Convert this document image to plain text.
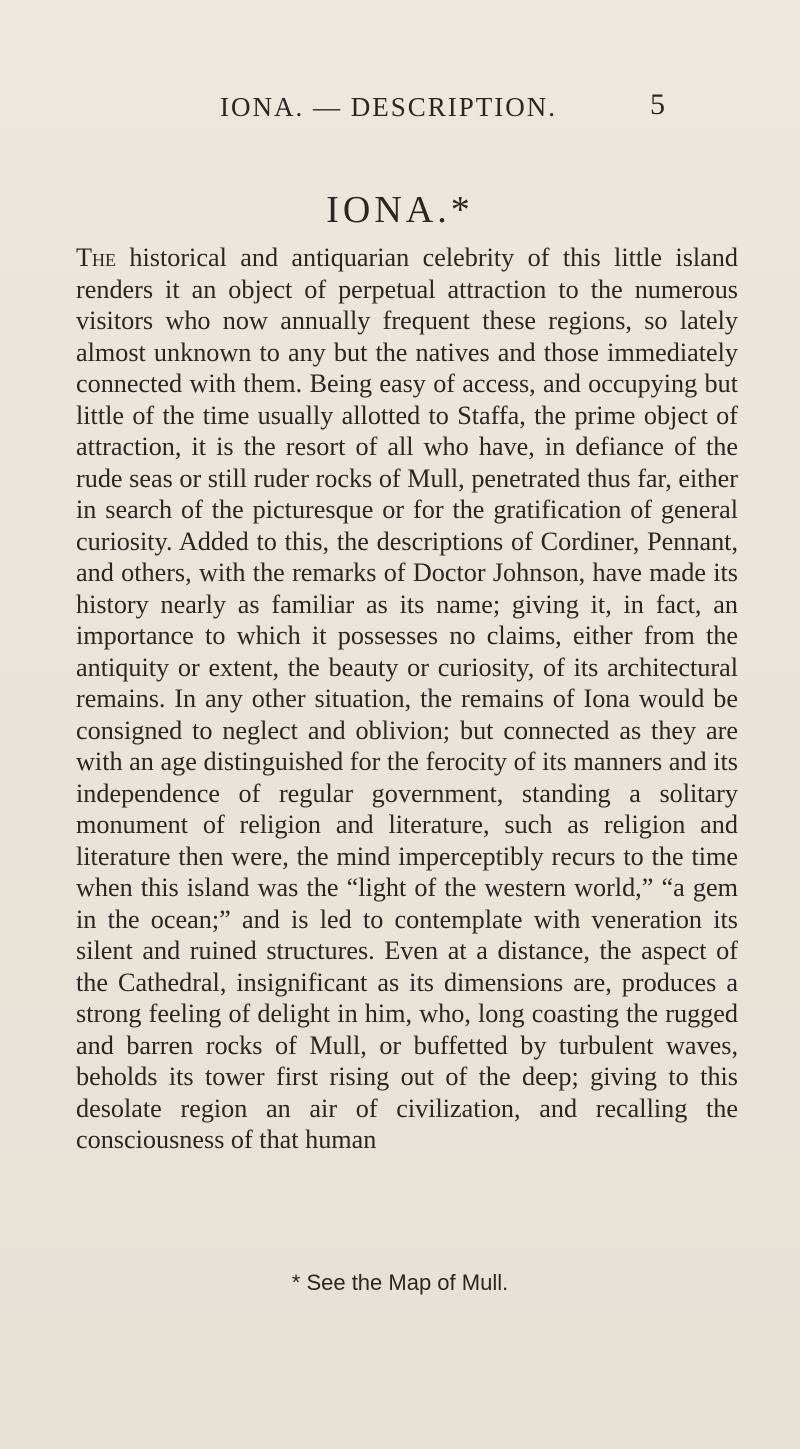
IONA. — DESCRIPTION.	5
IONA.*

The historical and antiquarian celebrity of this little island renders it an object of perpetual attraction to the numerous visitors who now annually frequent these regions, so lately almost unknown to any but the natives and those immediately connected with them. Being easy of access, and occupying but little of the time usually allotted to Staffa, the prime object of attraction, it is the resort of all who have, in defiance of the rude seas or still ruder rocks of Mull, penetrated thus far, either in search of the picturesque or for the gratification of general curiosity. Added to this, the descriptions of Cordiner, Pennant, and others, with the remarks of Doctor Johnson, have made its history nearly as familiar as its name; giving it, in fact, an importance to which it possesses no claims, either from the antiquity or extent, the beauty or curiosity, of its architectural remains. In any other situation, the remains of Iona would be consigned to neglect and oblivion; but connected as they are with an age distinguished for the ferocity of its manners and its independence of regular government, standing a solitary monument of religion and literature, such as religion and literature then were, the mind imperceptibly recurs to the time when this island was the “light of the western world,” “a gem in the ocean;” and is led to contemplate with veneration its silent and ruined structures. Even at a distance, the aspect of the Cathedral, insignificant as its dimensions are, produces a strong feeling of delight in him, who, long coasting the rugged and barren rocks of Mull, or buffetted by turbulent waves, beholds its tower first rising out of the deep; giving to this desolate region an air of civilization, and recalling the consciousness of that human

* See the Map of Mull.
